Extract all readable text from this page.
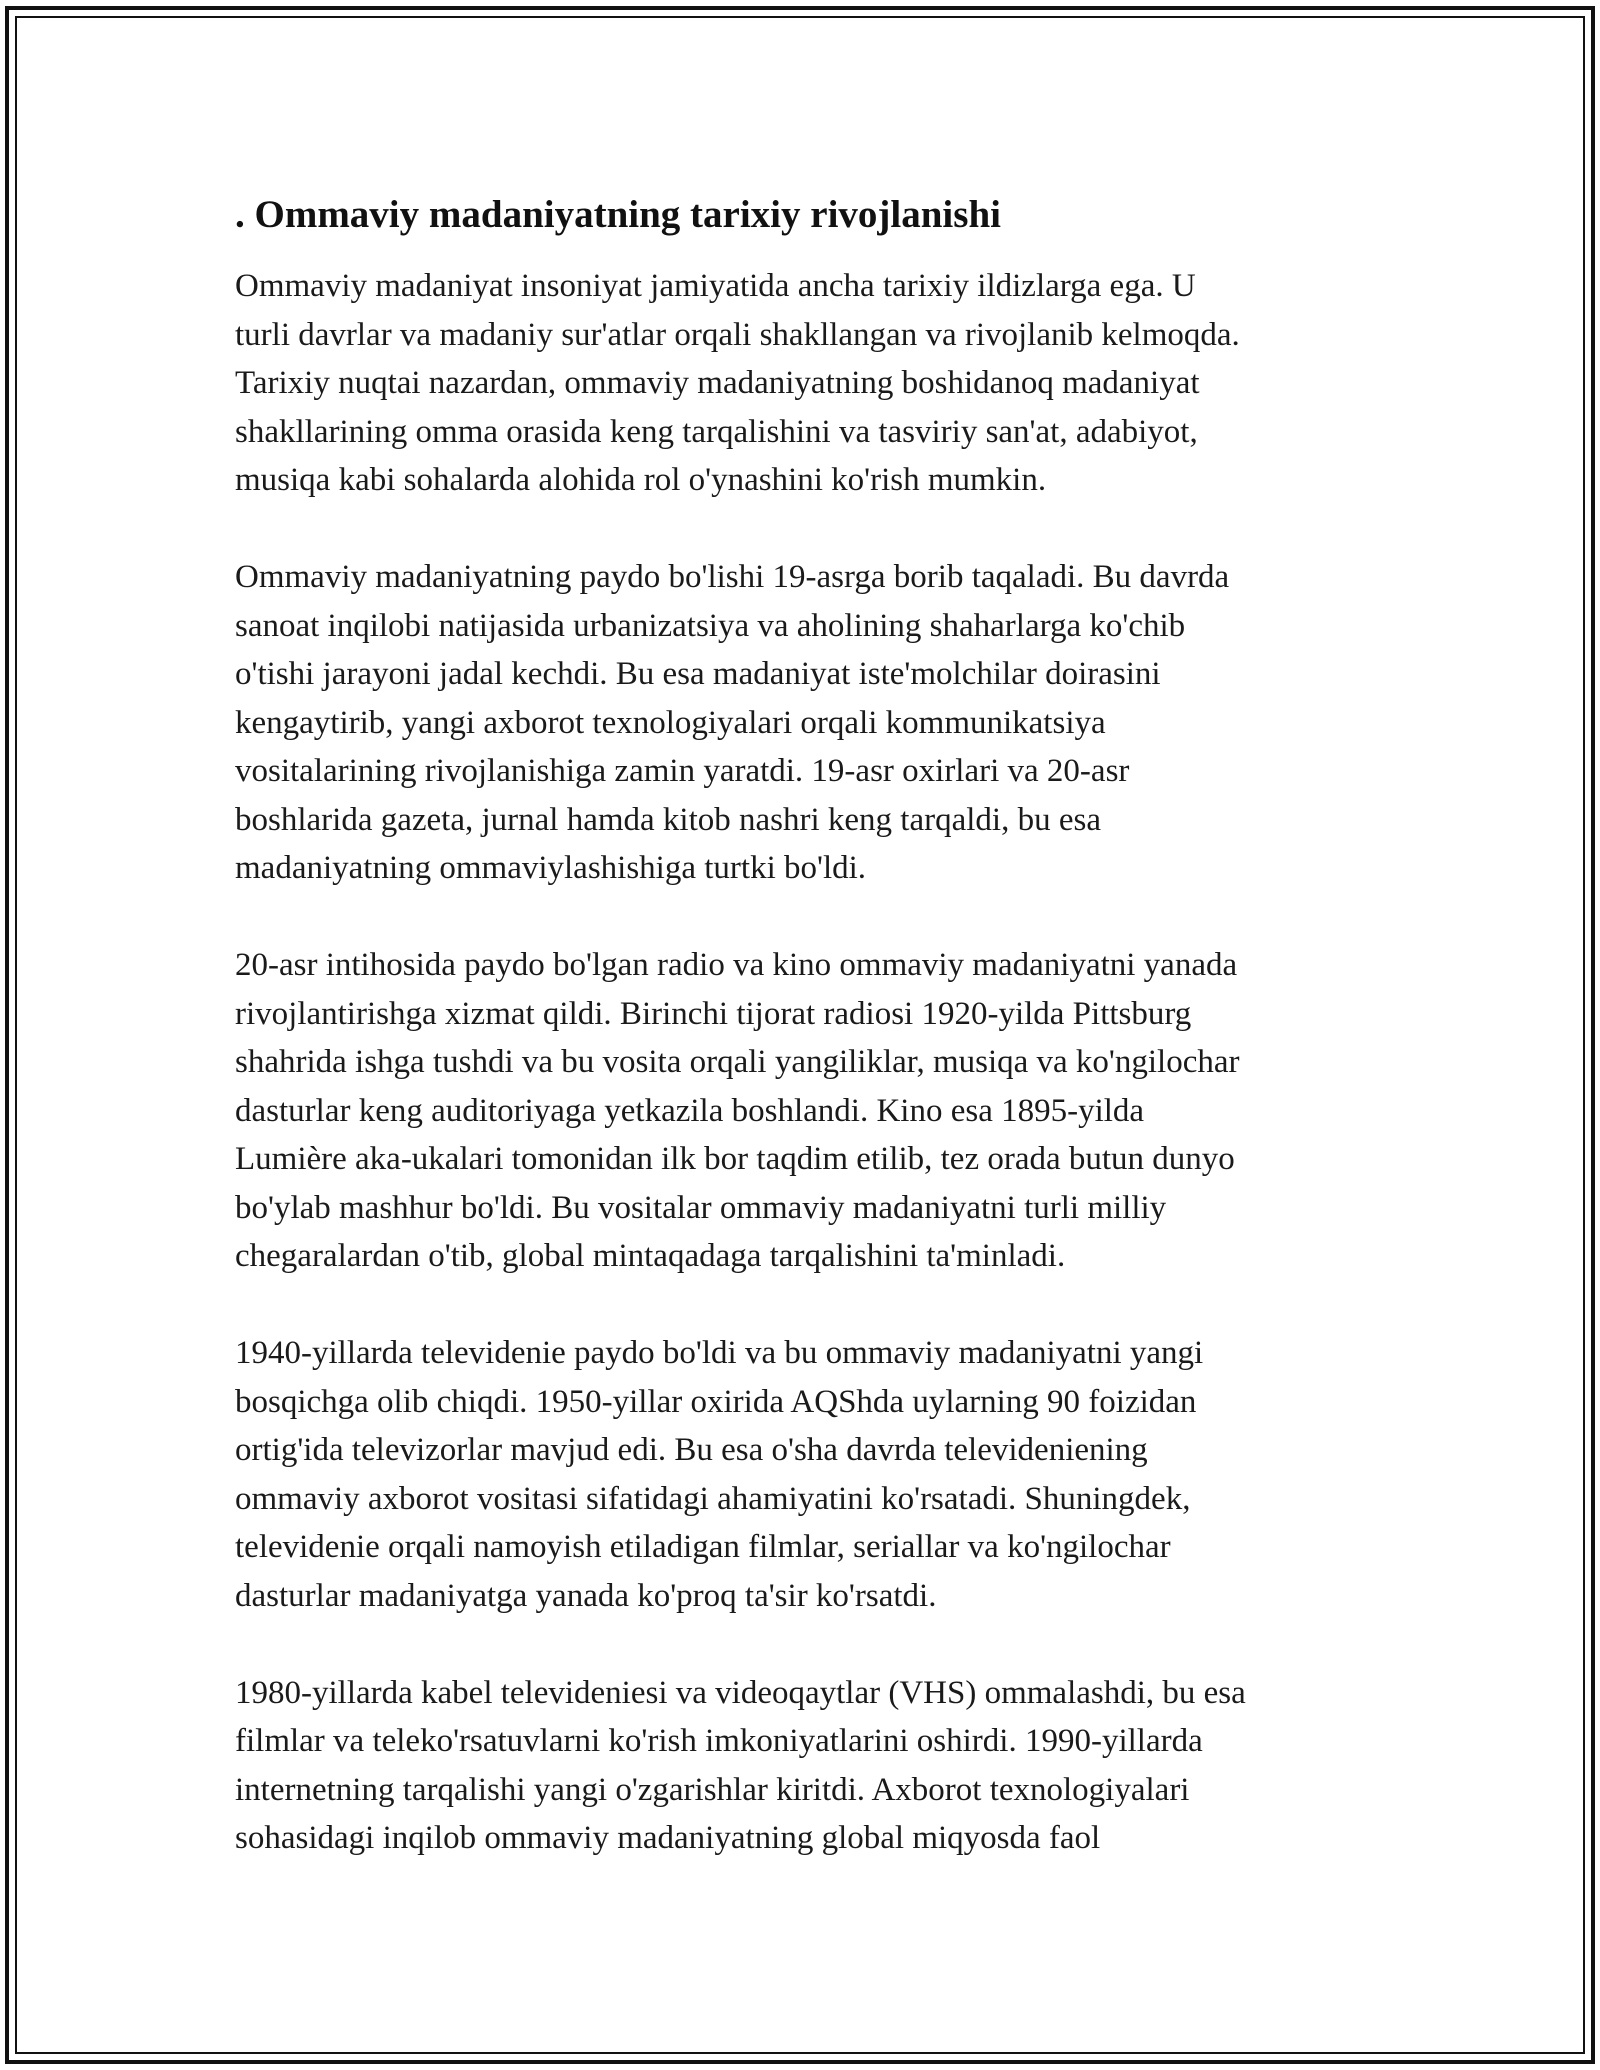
. Ommaviy madaniyatning tarixiy rivojlanishi

Ommaviy madaniyat insoniyat jamiyatida ancha tarixiy ildizlarga ega. U
turli davrlar va madaniy sur'atlar orqali shakllangan va rivojlanib kelmoqda.
Tarixiy nuqtai nazardan, ommaviy madaniyatning boshidanoq madaniyat
shakllarining omma orasida keng tarqalishini va tasviriy san'at, adabiyot,
musiqa kabi sohalarda alohida rol o'ynashini ko'rish mumkin.

Ommaviy madaniyatning paydo bo'lishi 19-asrga borib taqaladi. Bu davrda
sanoat inqilobi natijasida urbanizatsiya va aholining shaharlarga ko'chib
o'tishi jarayoni jadal kechdi. Bu esa madaniyat iste'molchilar doirasini
kengaytirib, yangi axborot texnologiyalari orqali kommunikatsiya
vositalarining rivojlanishiga zamin yaratdi. 19-asr oxirlari va 20-asr
boshlarida gazeta, jurnal hamda kitob nashri keng tarqaldi, bu esa
madaniyatning ommaviylashishiga turtki bo'ldi.

20-asr intihosida paydo bo'lgan radio va kino ommaviy madaniyatni yanada
rivojlantirishga xizmat qildi. Birinchi tijorat radiosi 1920-yilda Pittsburg
shahrida ishga tushdi va bu vosita orqali yangiliklar, musiqa va ko'ngilochar
dasturlar keng auditoriyaga yetkazila boshlandi. Kino esa 1895-yilda
Lumière aka-ukalari tomonidan ilk bor taqdim etilib, tez orada butun dunyo
bo'ylab mashhur bo'ldi. Bu vositalar ommaviy madaniyatni turli milliy
chegaralardan o'tib, global mintaqadaga tarqalishini ta'minladi.

1940-yillarda televidenie paydo bo'ldi va bu ommaviy madaniyatni yangi
bosqichga olib chiqdi. 1950-yillar oxirida AQShda uylarning 90 foizidan
ortig'ida televizorlar mavjud edi. Bu esa o'sha davrda televideniening
ommaviy axborot vositasi sifatidagi ahamiyatini ko'rsatadi. Shuningdek,
televidenie orqali namoyish etiladigan filmlar, seriallar va ko'ngilochar
dasturlar madaniyatga yanada ko'proq ta'sir ko'rsatdi.

1980-yillarda kabel televideniesi va videoqaytlar (VHS) ommalashdi, bu esa
filmlar va teleko'rsatuvlarni ko'rish imkoniyatlarini oshirdi. 1990-yillarda
internetning tarqalishi yangi o'zgarishlar kiritdi. Axborot texnologiyalari
sohasidagi inqilob ommaviy madaniyatning global miqyosda faol
